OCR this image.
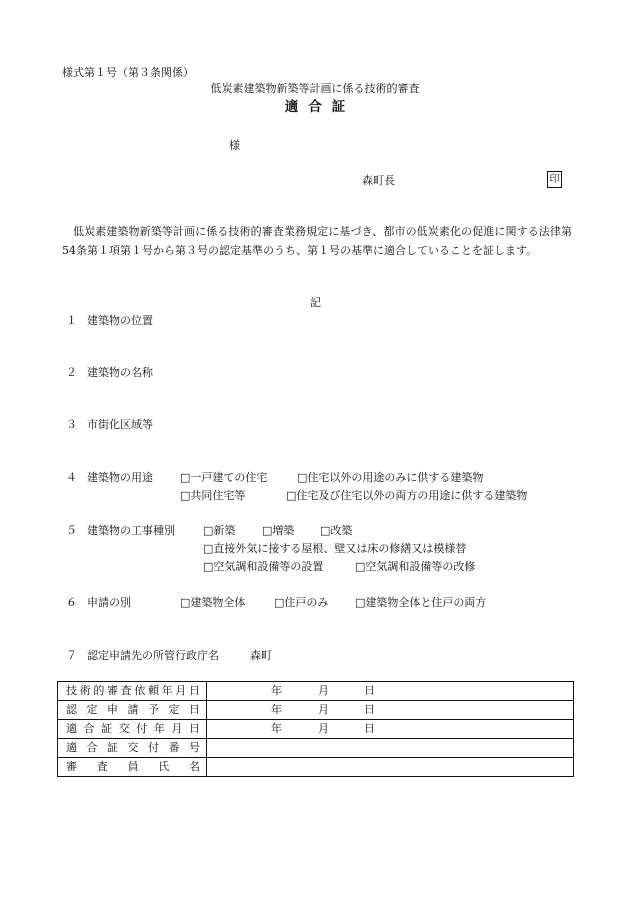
様式第１号（第３条関係）
低炭素建築物新築等計画に係る技術的審査
適合証
様
森町長	印
低炭素建築物新築等計画に係る技術的審査業務規定に基づき、都市の低炭素化の促進に関する法律第54条第１項第１号から第３号の認定基準のうち、第１号の基準に適合していることを証します。
記
１ 建築物の位置
２ 建築物の名称
３ 市街化区域等
４ 建築物の用途 □一戸建ての住宅	□住宅以外の用途のみに供する建築物
□共同住宅等	□住宅及び住宅以外の両方の用途に供する建築物
５ 建築物の工事種別	□新築 □増築 □改築
□直接外気に接する屋根、壁又は床の修繕又は模様替
□空気調和設備等の設置	□空気調和設備等の改修
６ 申請の別	□建築物全体	□住戸のみ □建築物全体と住戸の両方
７ 認定申請先の所管行政庁名	森町
技術的審査依頼年月日	年 月 日

認定申請予定日	年 月 日

適合証交付年月日	年 月 日

適合証交付番号	
審査員氏名	
